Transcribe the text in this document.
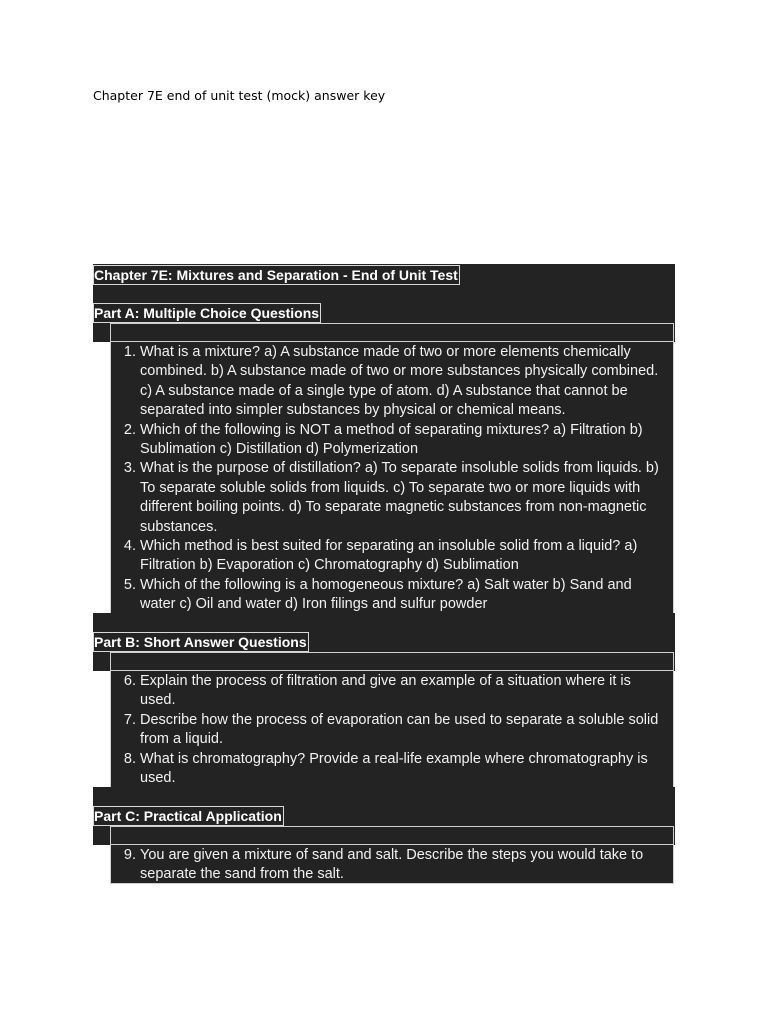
Chapter 7E end of unit test (mock) answer key
Chapter 7E: Mixtures and Separation - End of Unit Test
Part A: Multiple Choice Questions
1. What is a mixture? a) A substance made of two or more elements chemically combined. b) A substance made of two or more substances physically combined. c) A substance made of a single type of atom. d) A substance that cannot be separated into simpler substances by physical or chemical means.
2. Which of the following is NOT a method of separating mixtures? a) Filtration b) Sublimation c) Distillation d) Polymerization
3. What is the purpose of distillation? a) To separate insoluble solids from liquids. b) To separate soluble solids from liquids. c) To separate two or more liquids with different boiling points. d) To separate magnetic substances from non-magnetic substances.
4. Which method is best suited for separating an insoluble solid from a liquid? a) Filtration b) Evaporation c) Chromatography d) Sublimation
5. Which of the following is a homogeneous mixture? a) Salt water b) Sand and water c) Oil and water d) Iron filings and sulfur powder
Part B: Short Answer Questions
6. Explain the process of filtration and give an example of a situation where it is used.
7. Describe how the process of evaporation can be used to separate a soluble solid from a liquid.
8. What is chromatography? Provide a real-life example where chromatography is used.
Part C: Practical Application
9. You are given a mixture of sand and salt. Describe the steps you would take to separate the sand from the salt.
